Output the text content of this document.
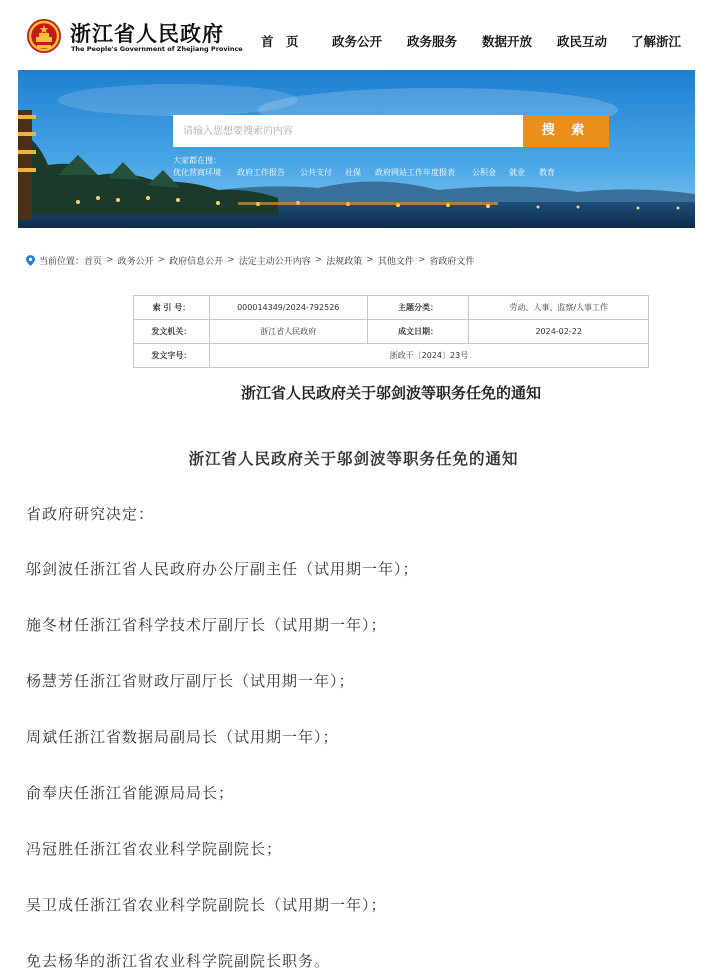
浙江省人民政府
The People's Government of Zhejiang Province 首　页	政务公开 政务服务 数据开放 政民互动 了解浙江
请输入您想要搜索的内容
搜 索
大家都在搜：
优化营商环境 政府工作报告 公共支付 社保 政府网站工作年度报表 公积金 就业 教育
当前位置： 首页 > 政务公开 > 政府信息公开 > 法定主动公开内容 > 法规政策 > 其他文件 > 省政府文件
索 引 号：	000014349/2024-792526	主题分类：	劳动、人事、监察/人事工作
发文机关：	浙江省人民政府	成文日期：	2024-02-22
发文字号：	浙政干〔2024〕23号		
浙江省人民政府关于邬剑波等职务任免的通知
浙江省人民政府关于邬剑波等职务任免的通知
省政府研究决定：
邬剑波任浙江省人民政府办公厅副主任（试用期一年）；
施冬材任浙江省科学技术厅副厅长（试用期一年）；
杨慧芳任浙江省财政厅副厅长（试用期一年）；
周斌任浙江省数据局副局长（试用期一年）；
俞奉庆任浙江省能源局局长；
冯冠胜任浙江省农业科学院副院长；
吴卫成任浙江省农业科学院副院长（试用期一年）；
免去杨华的浙江省农业科学院副院长职务。
